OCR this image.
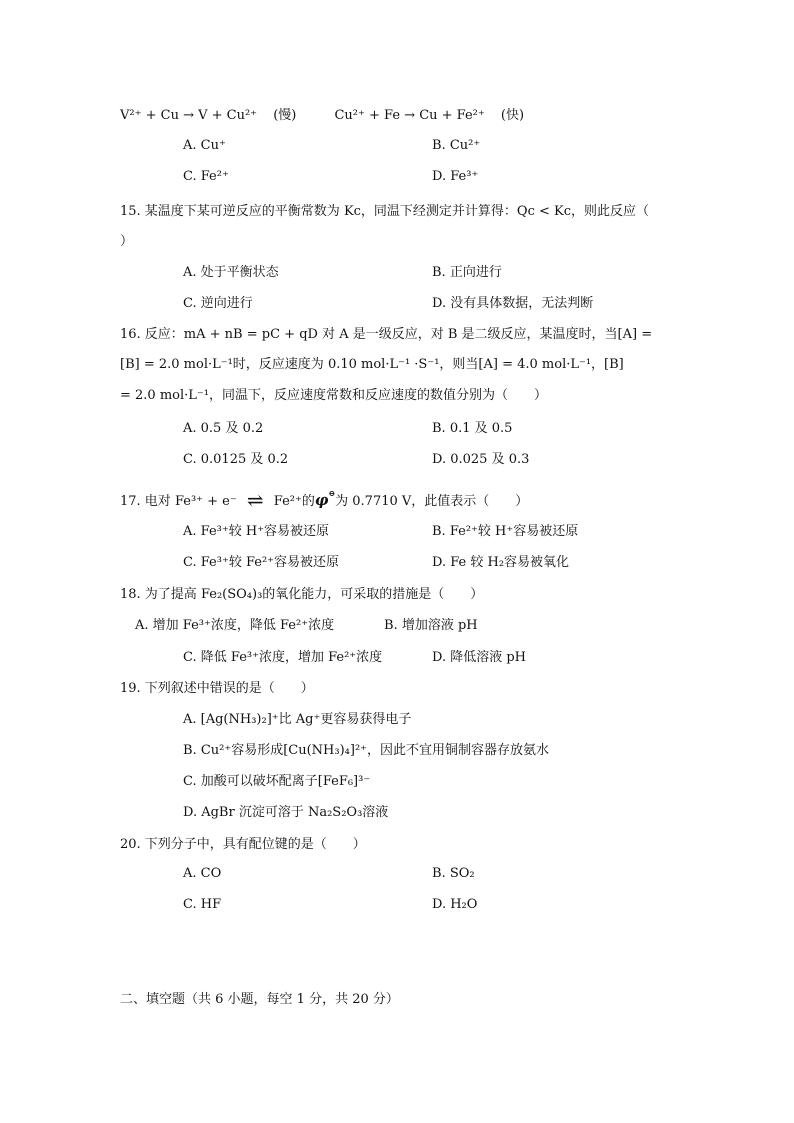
V²⁺ + Cu → V + Cu²⁺ (慢)	Cu²⁺ + Fe → Cu + Fe²⁺ (快)
A. Cu⁺	B. Cu²⁺
C. Fe²⁺	D. Fe³⁺
15. 某温度下某可逆反应的平衡常数为 Kc，同温下经测定并计算得：Qc < Kc，则此反应（
）
A. 处于平衡状态	B. 正向进行
C. 逆向进行	D. 没有具体数据，无法判断
16. 反应：mA + nB = pC + qD 对 A 是一级反应，对 B 是二级反应，某温度时，当[A] =
[B] = 2.0 mol·L⁻¹时，反应速度为 0.10 mol·L⁻¹ ·S⁻¹，则当[A] = 4.0 mol·L⁻¹，[B]
= 2.0 mol·L⁻¹，同温下，反应速度常数和反应速度的数值分别为（　　）
A. 0.5 及 0.2	B. 0.1 及 0.5
C. 0.0125 及 0.2	D. 0.025 及 0.3
17. 电对 Fe³⁺ + e⁻ ⇌ Fe²⁺的φ⊖为 0.7710 V，此值表示（　　）
A. Fe³⁺较 H⁺容易被还原	B. Fe²⁺较 H⁺容易被还原
C. Fe³⁺较 Fe²⁺容易被还原	D. Fe 较 H₂容易被氧化
18. 为了提高 Fe₂(SO₄)₃的氧化能力，可采取的措施是（　　）
A. 增加 Fe³⁺浓度，降低 Fe²⁺浓度	B. 增加溶液 pH
C. 降低 Fe³⁺浓度，增加 Fe²⁺浓度	D. 降低溶液 pH
19. 下列叙述中错误的是（　　）
A. [Ag(NH₃)₂]⁺比 Ag⁺更容易获得电子
B. Cu²⁺容易形成[Cu(NH₃)₄]²⁺，因此不宜用铜制容器存放氨水
C. 加酸可以破坏配离子[FeF₆]³⁻
D. AgBr 沉淀可溶于 Na₂S₂O₃溶液
20. 下列分子中，具有配位键的是（　　）
A. CO	B. SO₂
C. HF	D. H₂O
二、填空题（共 6 小题，每空 1 分，共 20 分）
